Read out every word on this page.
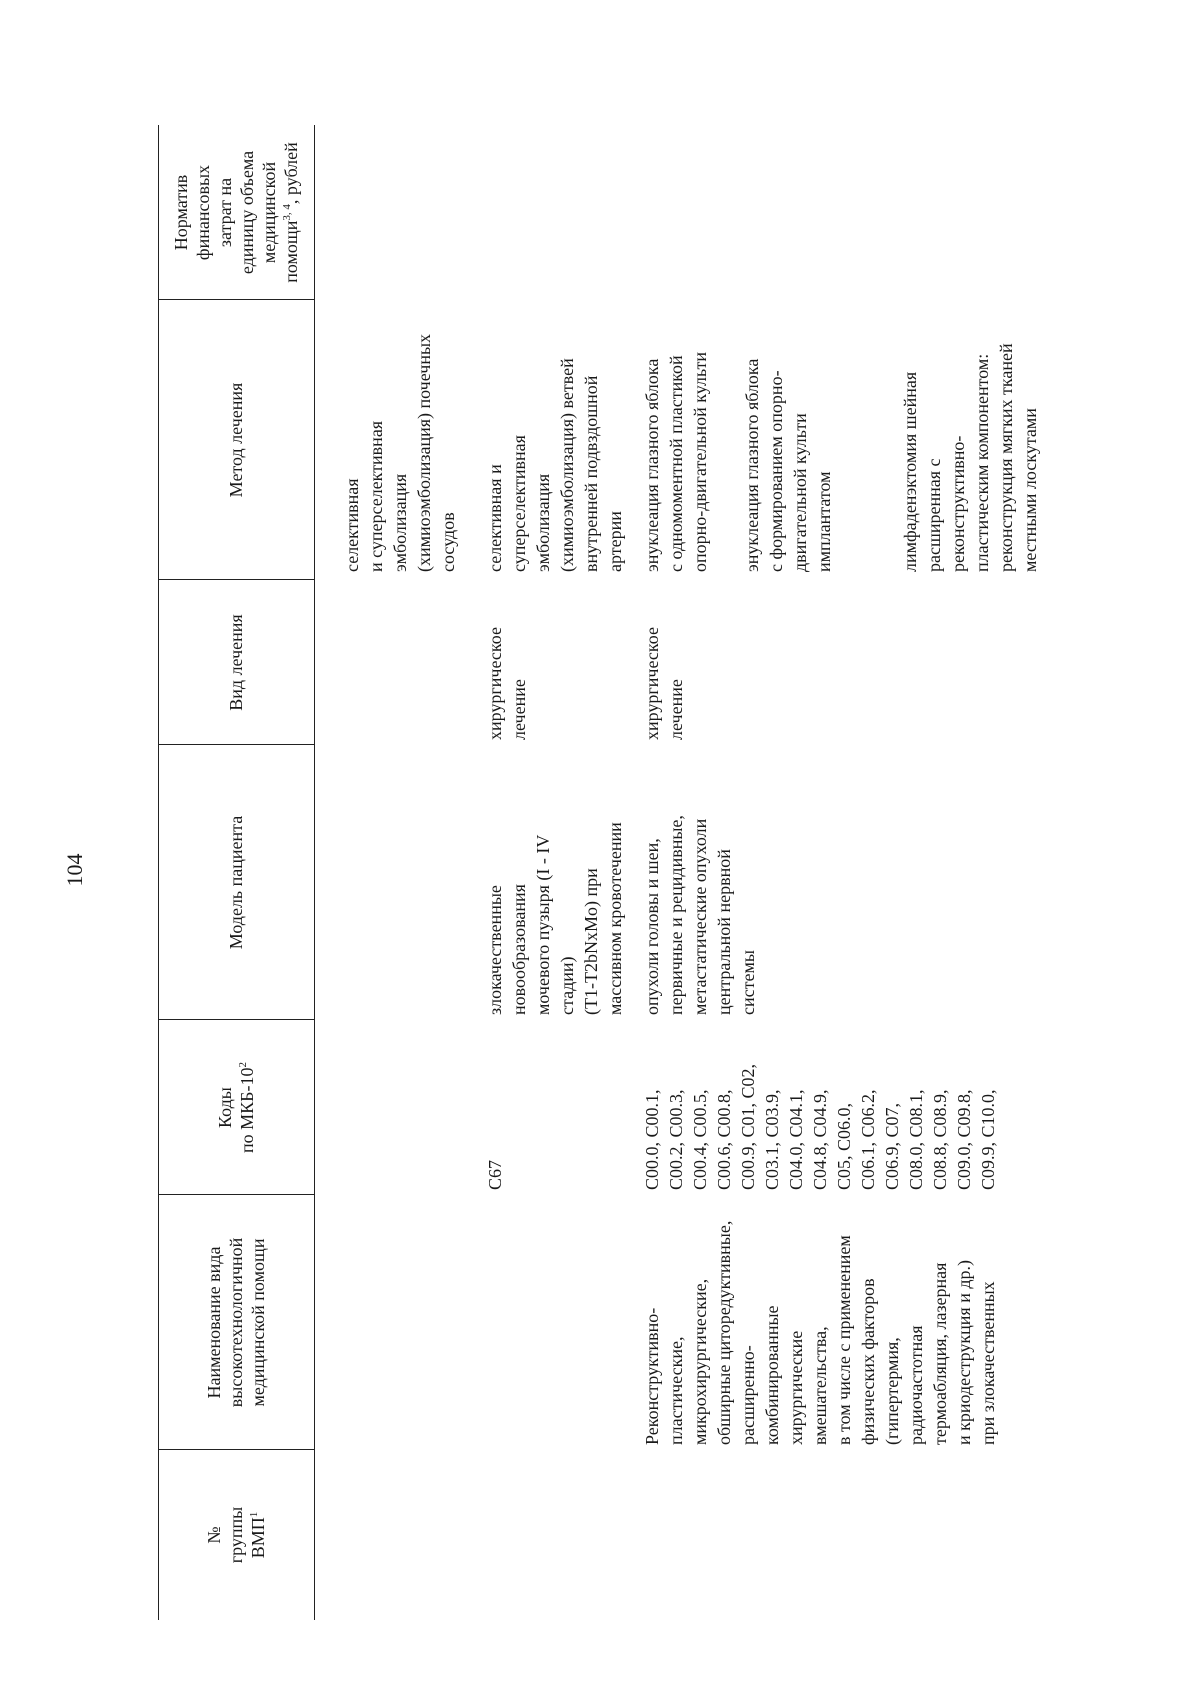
104
№ группы ВМП$^1$
Наименование вида высокотехнологичной медицинской помощи
Коды по МКБ-$10^2$
Модель пациента
Вид лечения
Метод лечения
Норматив финансовых затрат на единицу объема медицинской помощи$^{3, 4}$, рублей
селективная
и суперселективная
эмболизация
(химиоэмболизация) почечных
сосудов
C67
злокачественные
новообразования
мочевого пузыря (I - IV
стадии)
(T1-T2bNxMo) при
массивном кровотечении
хирургическое
лечение
селективная и
суперселективная
эмболизация
(химиоэмболизация) ветвей
внутренней подвздошной
артерии
Реконструктивно-
пластические,
микрохирургические,
обширные циторедуктивные,
расширенно-
комбинированные
хирургические
вмешательства,
в том числе с применением
физических факторов
(гипертермия,
радиочастотная
термоабляция, лазерная
и криодеструкция и др.)
при злокачественных
C00.0, C00.1,
C00.2, C00.3,
C00.4, C00.5,
C00.6, C00.8,
C00.9, C01, C02,
C03.1, C03.9,
C04.0, C04.1,
C04.8, C04.9,
C05, C06.0,
C06.1, C06.2,
C06.9, C07,
C08.0, C08.1,
C08.8, C08.9,
C09.0, C09.8,
C09.9, C10.0,
опухоли головы и шеи,
первичные и рецидивные,
метастатические опухоли
центральной нервной
системы
хирургическое
лечение
энуклеация глазного яблока
с одномоментной пластикой
опорно-двигательной культи
энуклеация глазного яблока
с формированием опорно-
двигательной культи
имплантатом	лимфаденэктомия шейная
расширенная с
реконструктивно-
пластическим компонентом:
реконструкция мягких тканей
местными лоскутами
